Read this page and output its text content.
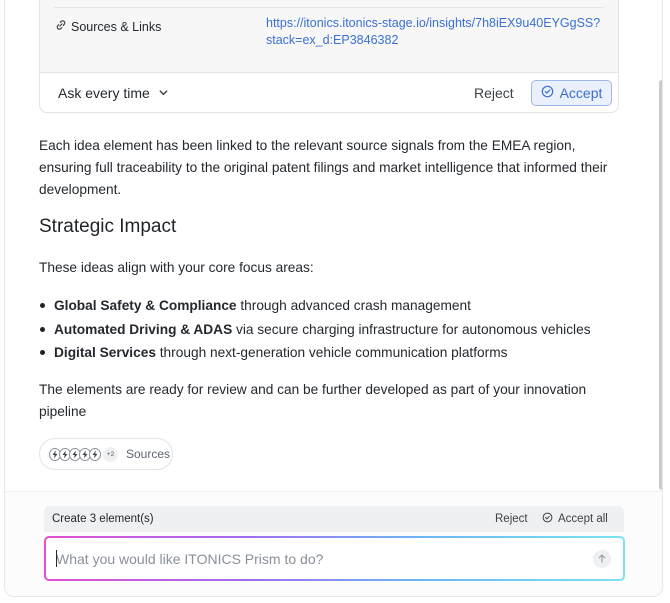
Sources & Links	https://itonics.itonics-stage.io/insights/7h8iEX9u40EYGgSS?stack=ex_d:EP3846382
Ask every time	Reject	Accept

Each idea element has been linked to the relevant source signals from the EMEA region, ensuring full traceability to the original patent filings and market intelligence that informed their development.

Strategic Impact

These ideas align with your core focus areas:

Global Safety & Compliance through advanced crash management
Automated Driving & ADAS via secure charging infrastructure for autonomous vehicles
Digital Services through next-generation vehicle communication platforms

The elements are ready for review and can be further developed as part of your innovation pipeline

+2 Sources
Create 3 element(s)	Reject	Accept all
What you would like ITONICS Prism to do?
